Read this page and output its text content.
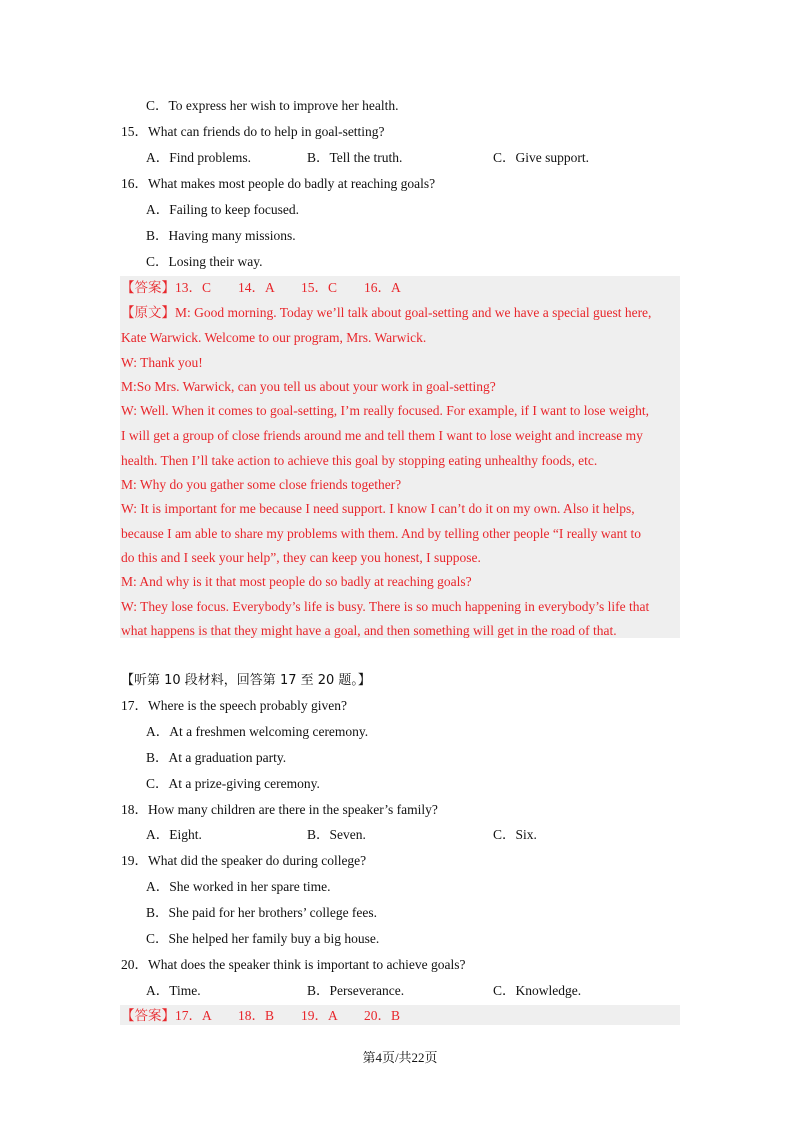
C．To express her wish to improve her health.
15．What can friends do to help in goal-setting?
A．Find problems.	B．Tell the truth.	C．Give support.
16．What makes most people do badly at reaching goals?
A．Failing to keep focused.
B．Having many missions.
C．Losing their way.
【答案】13．C　　14．A　　15．C　　16．A
【原文】M: Good morning. Today we’ll talk about goal-setting and we have a special guest here,
Kate Warwick. Welcome to our program, Mrs. Warwick.
W: Thank you!
M:So Mrs. Warwick, can you tell us about your work in goal-setting?
W: Well. When it comes to goal-setting, I’m really focused. For example, if I want to lose weight,
I will get a group of close friends around me and tell them I want to lose weight and increase my
health. Then I’ll take action to achieve this goal by stopping eating unhealthy foods, etc.
M: Why do you gather some close friends together?
W: It is important for me because I need support. I know I can’t do it on my own. Also it helps,
because I am able to share my problems with them. And by telling other people “I really want to
do this and I seek your help”, they can keep you honest, I suppose.
M: And why is it that most people do so badly at reaching goals?
W: They lose focus. Everybody’s life is busy. There is so much happening in everybody’s life that
what happens is that they might have a goal, and then something will get in the road of that.
【听第 10 段材料，回答第 17 至 20 题。】
17．Where is the speech probably given?
A．At a freshmen welcoming ceremony.
B．At a graduation party.
C．At a prize-giving ceremony.
18．How many children are there in the speaker’s family?
A．Eight.	B．Seven.	C．Six.
19．What did the speaker do during college?
A．She worked in her spare time.
B．She paid for her brothers’ college fees.
C．She helped her family buy a big house.
20．What does the speaker think is important to achieve goals?
A．Time.	B．Perseverance.	C．Knowledge.
【答案】17．A　　18．B　　19．A　　20．B
第4页/共22页
